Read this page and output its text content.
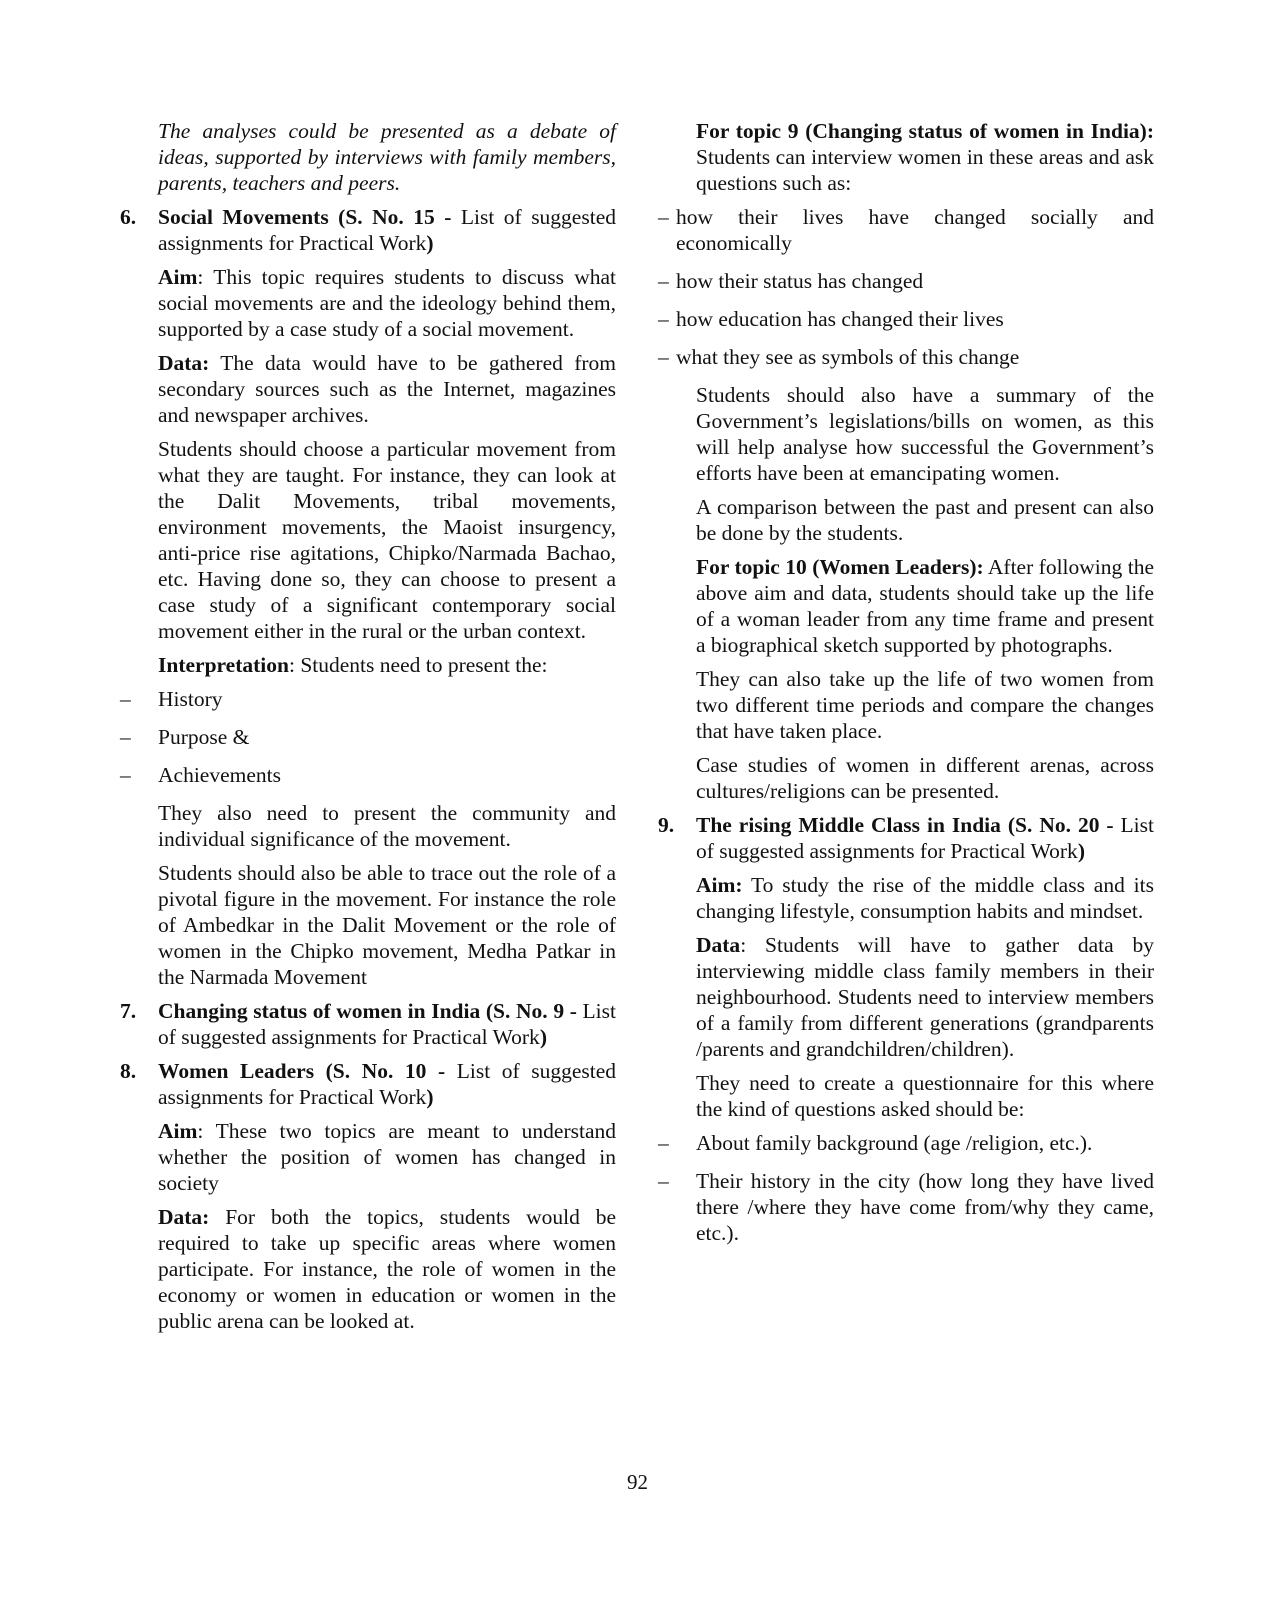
The analyses could be presented as a debate of ideas, supported by interviews with family members, parents, teachers and peers.

6.	Social Movements (S. No. 15 - List of suggested assignments for Practical Work)

Aim: This topic requires students to discuss what social movements are and the ideology behind them, supported by a case study of a social movement.

Data: The data would have to be gathered from secondary sources such as the Internet, magazines and newspaper archives.

Students should choose a particular movement from what they are taught. For instance, they can look at the Dalit Movements, tribal movements, environment movements, the Maoist insurgency, anti-price rise agitations, Chipko/Narmada Bachao, etc. Having done so, they can choose to present a case study of a significant contemporary social movement either in the rural or the urban context.

Interpretation: Students need to present the:

–	History
–	Purpose &
–	Achievements

They also need to present the community and individual significance of the movement.

Students should also be able to trace out the role of a pivotal figure in the movement. For instance the role of Ambedkar in the Dalit Movement or the role of women in the Chipko movement, Medha Patkar in the Narmada Movement

7.	Changing status of women in India (S. No. 9 - List of suggested assignments for Practical Work)
8.	Women Leaders (S. No. 10 - List of suggested assignments for Practical Work)

Aim: These two topics are meant to understand whether the position of women has changed in society

Data: For both the topics, students would be required to take up specific areas where women participate. For instance, the role of women in the economy or women in education or women in the public arena can be looked at.

For topic 9 (Changing status of women in India): Students can interview women in these areas and ask questions such as:

– how their lives have changed socially and economically
– how their status has changed
– how education has changed their lives
– what they see as symbols of this change

Students should also have a summary of the Government’s legislations/bills on women, as this will help analyse how successful the Government’s efforts have been at emancipating women.

A comparison between the past and present can also be done by the students.

For topic 10 (Women Leaders): After following the above aim and data, students should take up the life of a woman leader from any time frame and present a biographical sketch supported by photographs.

They can also take up the life of two women from two different time periods and compare the changes that have taken place.

Case studies of women in different arenas, across cultures/religions can be presented.

9.	The rising Middle Class in India (S. No. 20 - List of suggested assignments for Practical Work)

Aim: To study the rise of the middle class and its changing lifestyle, consumption habits and mindset.

Data: Students will have to gather data by interviewing middle class family members in their neighbourhood. Students need to interview members of a family from different generations (grandparents /parents and grandchildren/children).

They need to create a questionnaire for this where the kind of questions asked should be:

–	About family background (age /religion, etc.).
–	Their history in the city (how long they have lived there /where they have come from/why they came, etc.).
92
